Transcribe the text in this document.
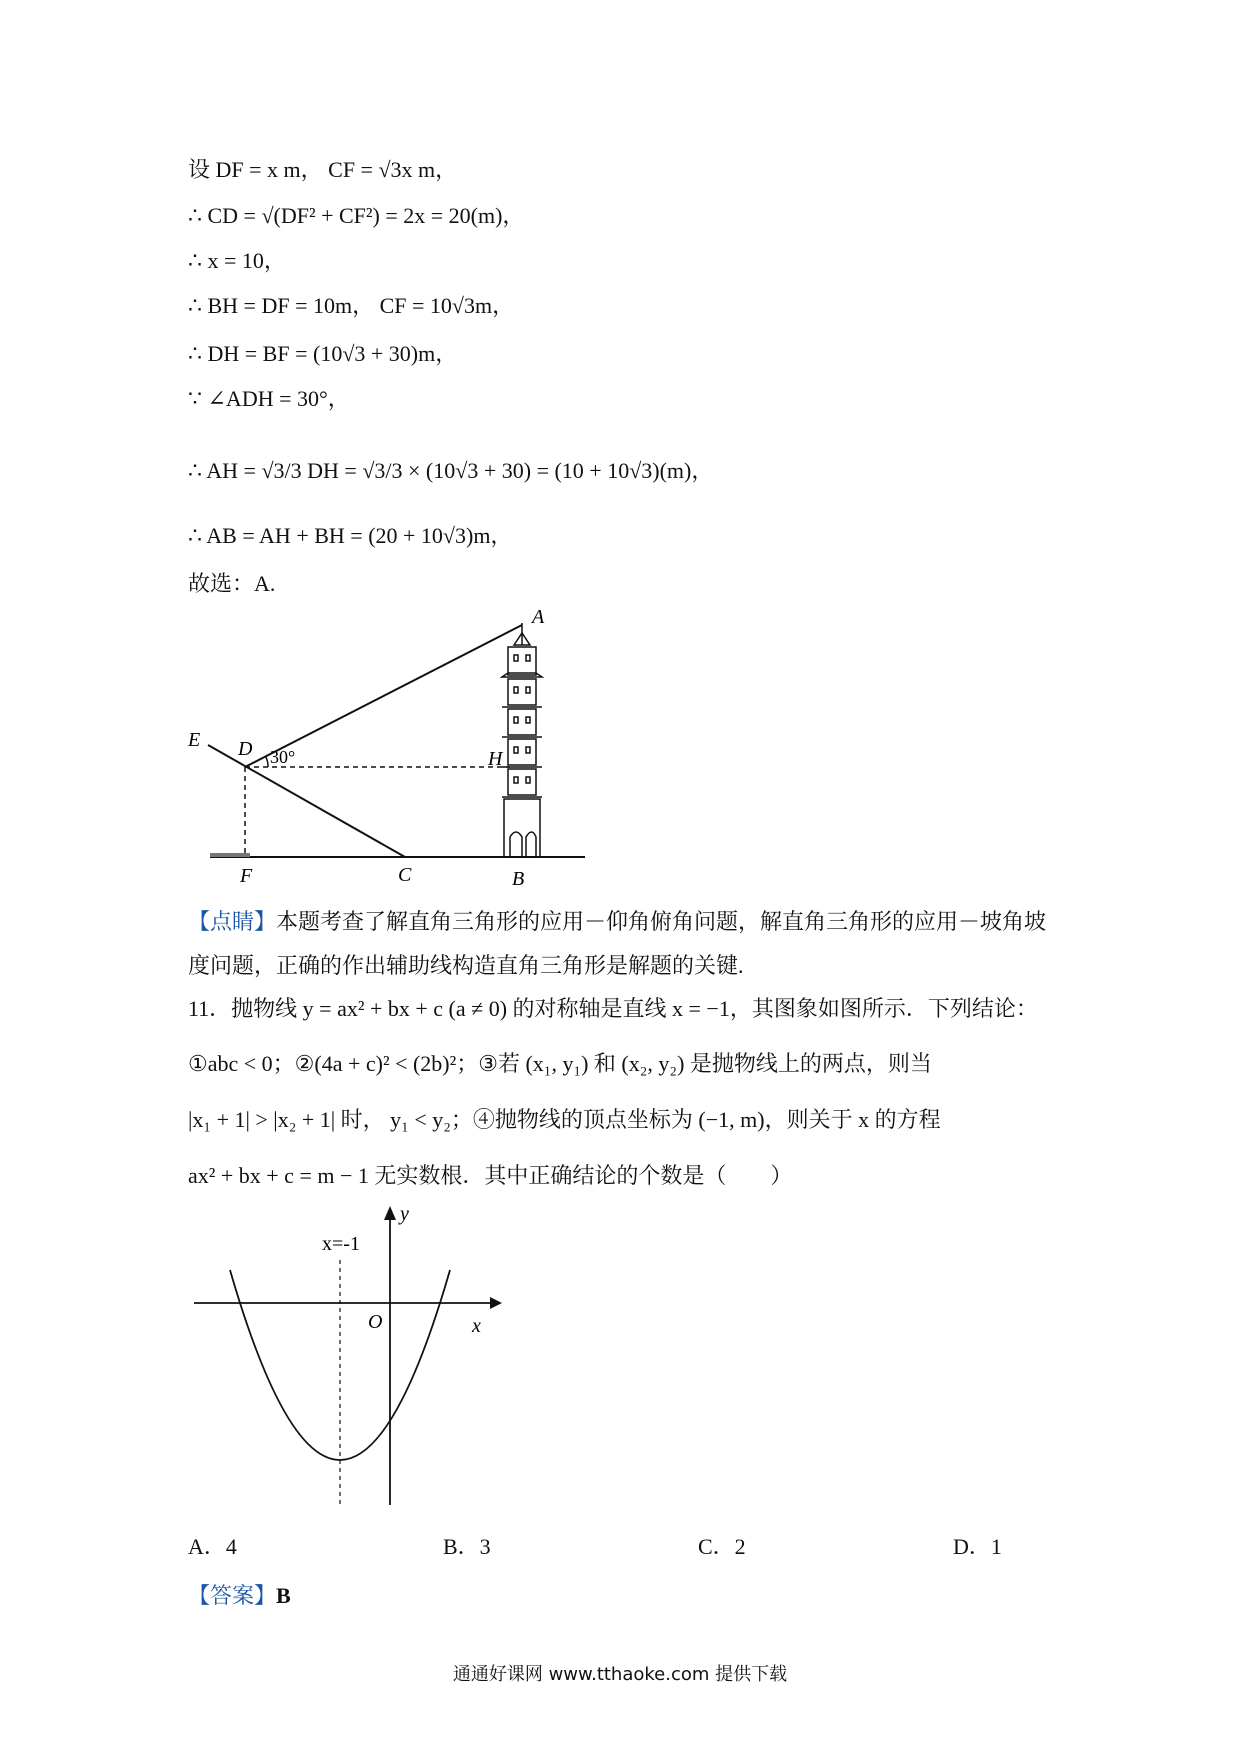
设 DF = x m， CF = √3x m，
∴ CD = √(DF² + CF²) = 2x = 20(m)，
∴ x = 10，
∴ BH = DF = 10m， CF = 10√3m，
∴ DH = BF = (10√3 + 30)m，
∵ ∠ADH = 30°，
∴ AH = √3/3 DH = √3/3 × (10√3 + 30) = (10 + 10√3)(m)，
∴ AB = AH + BH = (20 + 10√3)m，
故选：A.
A
E D	H
F	C	B
30°
【点睛】本题考查了解直角三角形的应用－仰角俯角问题，解直角三角形的应用－坡角坡度问题，正确的作出辅助线构造直角三角形是解题的关键.
11．抛物线 y = ax² + bx + c (a ≠ 0) 的对称轴是直线 x = −1，其图象如图所示．下列结论：
①abc < 0；②(4a + c)² < (2b)²；③若 (x₁, y₁) 和 (x₂, y₂) 是抛物线上的两点，则当
|x₁ + 1| > |x₂ + 1| 时， y₁ < y₂；④抛物线的顶点坐标为 (−1, m)，则关于 x 的方程
ax² + bx + c = m − 1 无实数根．其中正确结论的个数是（　　）
x=-1
y
x
O
A．4	B．3	C．2	D．1
【答案】B
通通好课网 www.tthaoke.com 提供下载
